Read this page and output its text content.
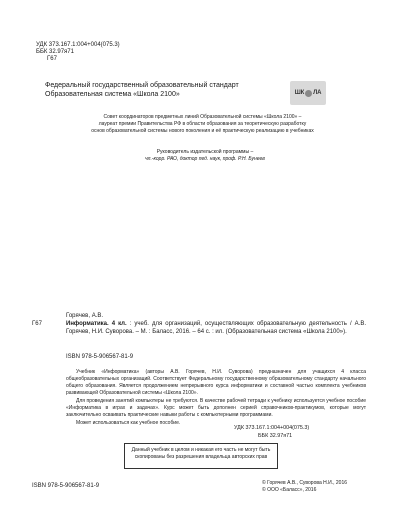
УДК 373.167.1:004+004(075.3)
ББК 32.97я71
Г67
Федеральный государственный образовательный стандарт
Образовательная система «Школа 2100»	ШК ЛА
Совет координаторов предметных линий Образовательной системы «Школа 2100» –
лауреат премии Правительства РФ в области образования за теоретическую разработку
основ образовательной системы нового поколения и её практическую реализацию в учебниках
Руководитель издательской программы –
чл.-корр. РАО, доктор пед. наук, проф. Р.Н. Бунеев
Горячев, А.В.
Г67	Информатика. 4 кл. : учеб. для организаций, осуществляющих образовательную деятельность / А.В. Горячев, Н.И. Суворова. – М. : Баласс, 2016. – 64 с. : ил. (Образовательная система «Школа 2100»).
ISBN 978-5-906567-81-9
Учебник «Информатика» (авторы А.В. Горячев, Н.И. Суворова) предназначен для учащихся 4 класса общеобразовательных организаций. Соответствует Федеральному государственному образовательному стандарту начального общего образования. Является продолжением непрерывного курса информатики и составной частью комплекта учебников развивающей Образовательной системы «Школа 2100».
Для проведения занятий компьютеры не требуются. В качестве рабочей тетради к учебнику используется учебное пособие «Информатика в играх и задачах». Курс может быть дополнен серией справочников-практикумов, которые могут заключительно осваивать практические навыки работы с компьютерными программами.
Может использоваться как учебное пособие.
УДК 373.167.1:004+004(075.3)
ББК 32.97я71
Данный учебник в целом и никакая его часть не могут быть скопированы без разрешения владельца авторских прав
ISBN 978-5-906567-81-9	© Горячев А.В., Суворова Н.И., 2016
© ООО «Баласс», 2016
